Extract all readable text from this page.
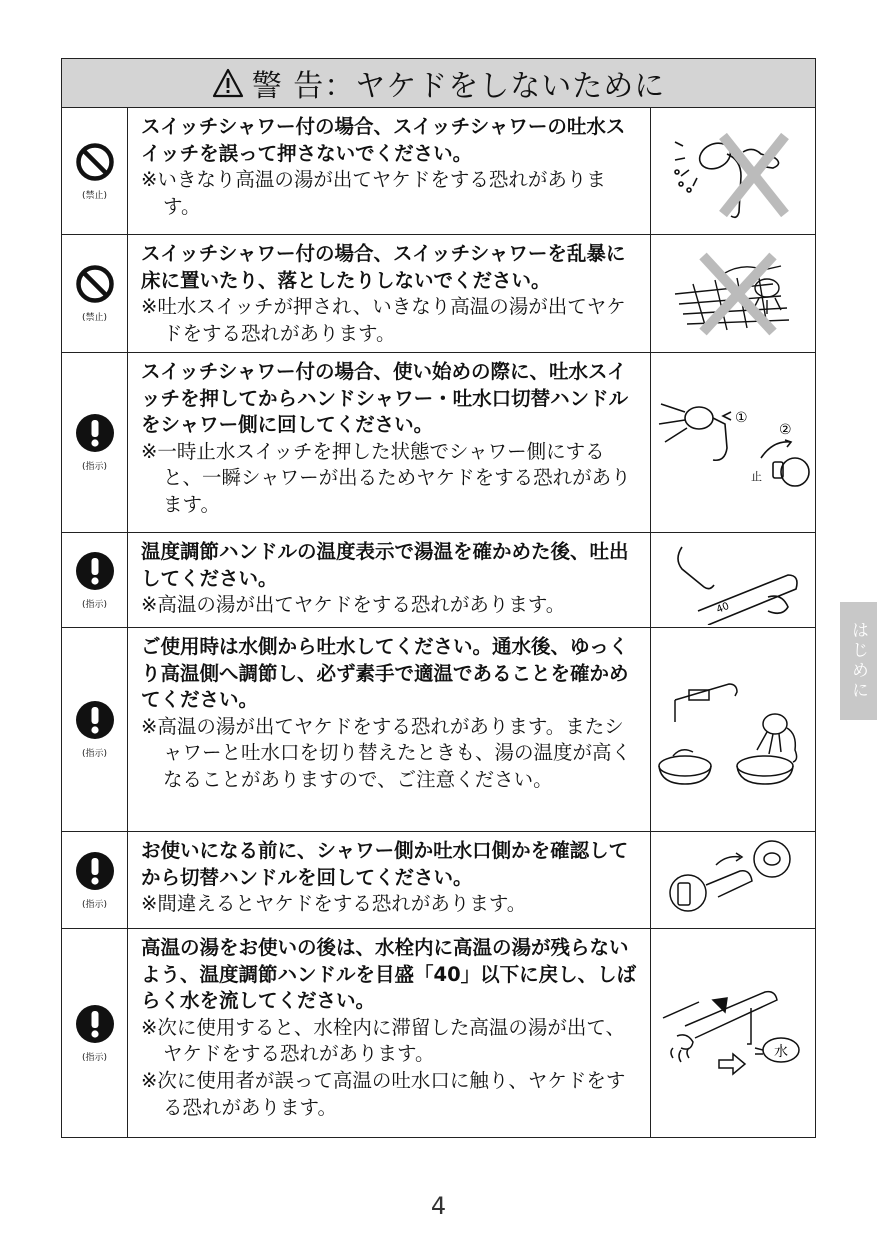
警 告：ヤケドをしないために
(禁止)
スイッチシャワー付の場合、スイッチシャワーの吐水スイッチを誤って押さないでください。
※いきなり高温の湯が出てヤケドをする恐れがあります。
(禁止)
スイッチシャワー付の場合、スイッチシャワーを乱暴に床に置いたり、落としたりしないでください。
※吐水スイッチが押され、いきなり高温の湯が出てヤケドをする恐れがあります。
(指示)
スイッチシャワー付の場合、使い始めの際に、吐水スイッチを押してからハンドシャワー・吐水口切替ハンドルをシャワー側に回してください。
※一時止水スイッチを押した状態でシャワー側にすると、一瞬シャワーが出るためヤケドをする恐れがあります。
①
②
止
(指示)
温度調節ハンドルの温度表示で湯温を確かめた後、吐出してください。
※高温の湯が出てヤケドをする恐れがあります。	40
(指示)
ご使用時は水側から吐水してください。通水後、ゆっくり高温側へ調節し、必ず素手で適温であることを確かめてください。
※高温の湯が出てヤケドをする恐れがあります。またシャワーと吐水口を切り替えたときも、湯の温度が高くなることがありますので、ご注意ください。
(指示)
お使いになる前に、シャワー側か吐水口側かを確認してから切替ハンドルを回してください。
※間違えるとヤケドをする恐れがあります。
(指示)
高温の湯をお使いの後は、水栓内に高温の湯が残らないよう、温度調節ハンドルを目盛「40」以下に戻し、しばらく水を流してください。
※次に使用すると、水栓内に滞留した高温の湯が出て、ヤケドをする恐れがあります。
※次に使用者が誤って高温の吐水口に触り、ヤケドをする恐れがあります。
水
はじめに
4
